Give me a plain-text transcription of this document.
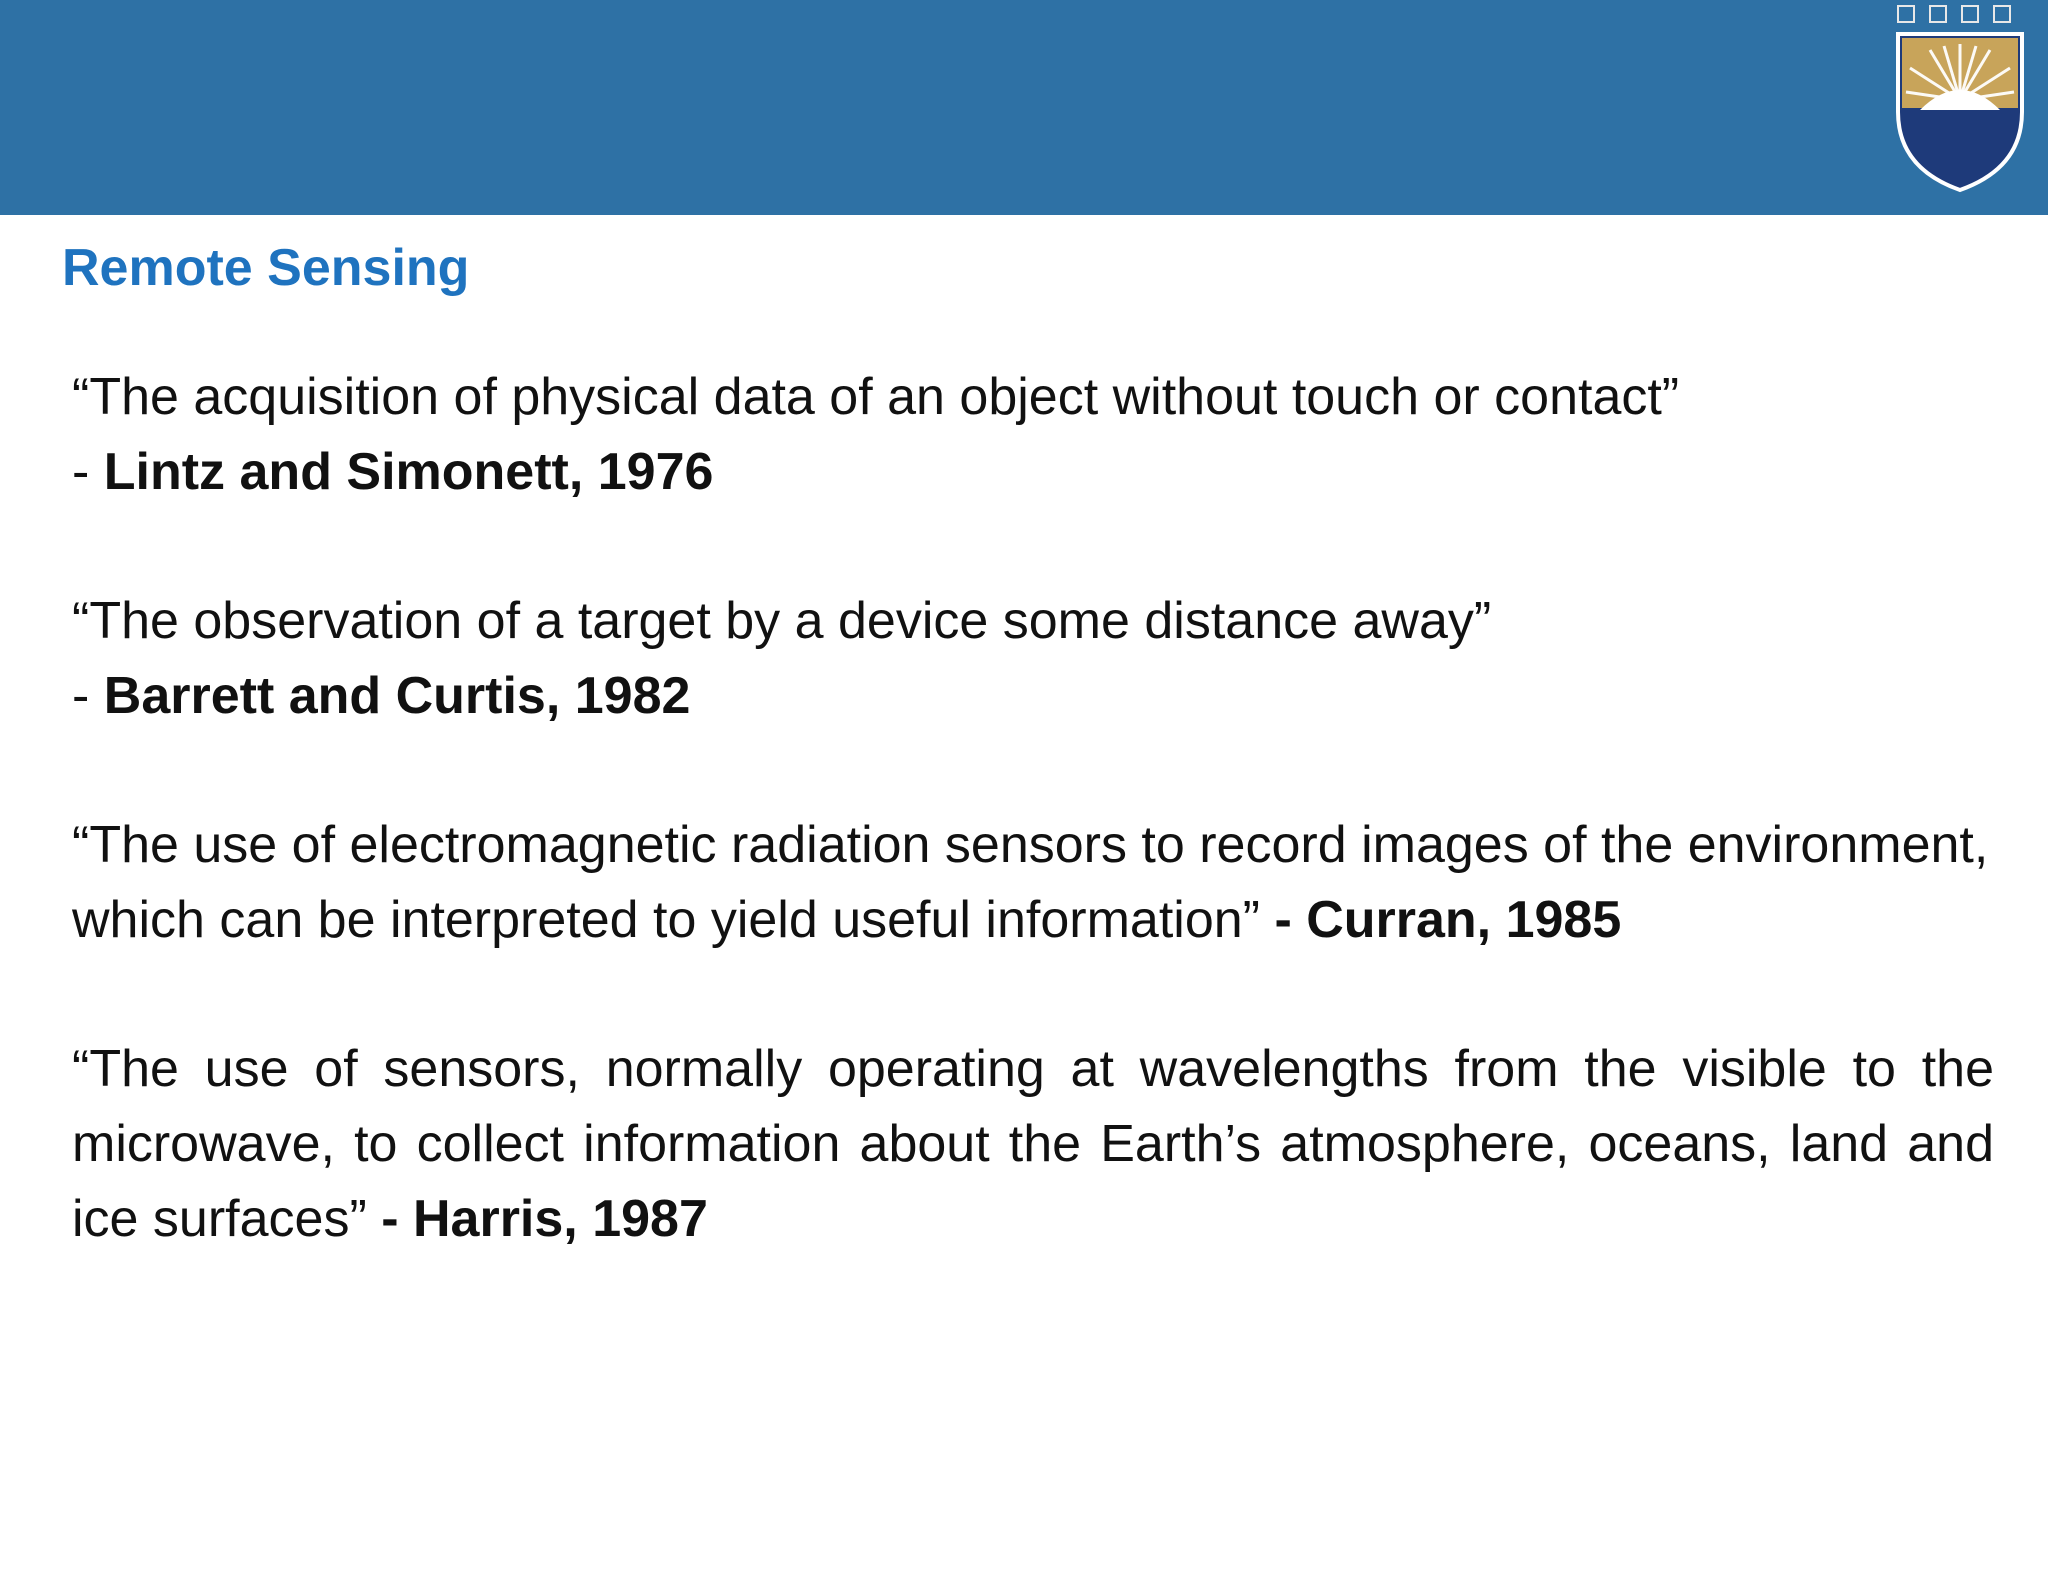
Remote Sensing

“The acquisition of physical data of an object without touch or contact”

- Lintz and Simonett, 1976

“The observation of a target by a device some distance away”

- Barrett and Curtis, 1982

“The use of electromagnetic radiation sensors to record images of the environment, which can be interpreted to yield useful information” - Curran, 1985

“The use of sensors, normally operating at wavelengths from the visible to the microwave, to collect information about the Earth’s atmosphere, oceans, land and ice surfaces” - Harris, 1987
